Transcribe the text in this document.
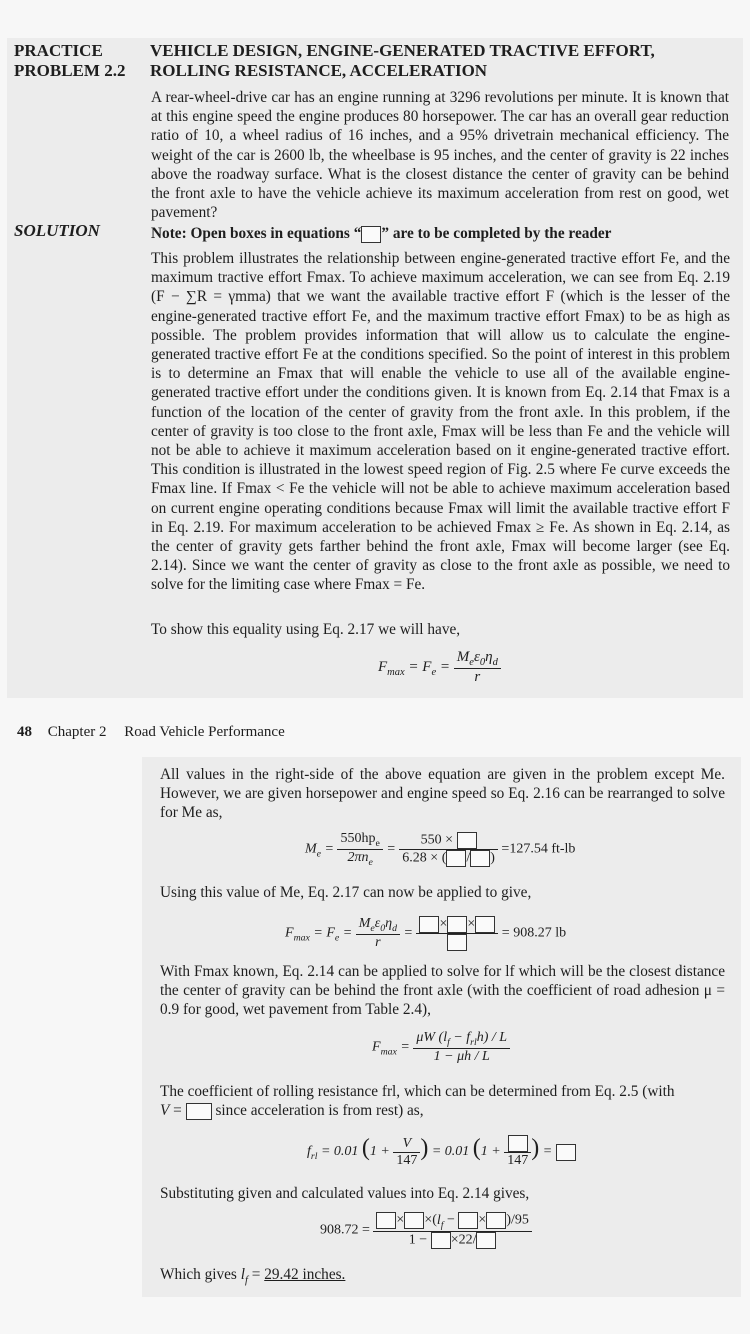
PRACTICE
PROBLEM 2.2
VEHICLE DESIGN, ENGINE-GENERATED TRACTIVE EFFORT,
ROLLING RESISTANCE, ACCELERATION

A rear-wheel-drive car has an engine running at 3296 revolutions per minute. It is known that at this engine speed the engine produces 80 horsepower. The car has an overall gear reduction ratio of 10, a wheel radius of 16 inches, and a 95% drivetrain mechanical efficiency. The weight of the car is 2600 lb, the wheelbase is 95 inches, and the center of gravity is 22 inches above the roadway surface. What is the closest distance the center of gravity can be behind the front axle to have the vehicle achieve its maximum acceleration from rest on good, wet pavement?

SOLUTION	Note: Open boxes in equations “ ” are to be completed by the reader

This problem illustrates the relationship between engine-generated tractive effort Fe, and the maximum tractive effort Fmax. To achieve maximum acceleration, we can see from Eq. 2.19 (F − ∑R = γmma) that we want the available tractive effort F (which is the lesser of the engine-generated tractive effort Fe, and the maximum tractive effort Fmax) to be as high as possible. The problem provides information that will allow us to calculate the engine-generated tractive effort Fe at the conditions specified. So the point of interest in this problem is to determine an Fmax that will enable the vehicle to use all of the available engine-generated tractive effort under the conditions given. It is known from Eq. 2.14 that Fmax is a function of the location of the center of gravity from the front axle. In this problem, if the center of gravity is too close to the front axle, Fmax will be less than Fe and the vehicle will not be able to achieve it maximum acceleration based on it engine-generated tractive effort. This condition is illustrated in the lowest speed region of Fig. 2.5 where Fe curve exceeds the Fmax line. If Fmax < Fe the vehicle will not be able to achieve maximum acceleration based on current engine operating conditions because Fmax will limit the available tractive effort F in Eq. 2.19. For maximum acceleration to be achieved Fmax ≥ Fe. As shown in Eq. 2.14, as the center of gravity gets farther behind the front axle, Fmax will become larger (see Eq. 2.14). Since we want the center of gravity as close to the front axle as possible, we need to solve for the limiting case where Fmax = Fe.

To show this equality using Eq. 2.17 we will have,

$F_{max} = F_e = \frac{M_e\varepsilon_0\eta_d}{r}$
48 Chapter 2 Road Vehicle Performance

All values in the right-side of the above equation are given in the problem except Me. However, we are given horsepower and engine speed so Eq. 2.16 can be rearranged to solve for Me as,

$M_e = \frac{550hp_e}{2\pi n_e} = \frac{550 \times}{6.28 \times ( / )} =127.54$ ft-lb

Using this value of Me, Eq. 2.17 can now be applied to give,

$F_{max} = F_e = \frac{M_e\varepsilon_0\eta_d}{r}$ =
× ×
= 908.27 lb

With Fmax known, Eq. 2.14 can be applied to solve for lf which will be the closest distance the center of gravity can be behind the front axle (with the coefficient of road adhesion μ = 0.9 for good, wet pavement from Table 2.4),

$F_{max} = \frac{\mu W (l_f - f_{rl}h) / L}{1 - \mu h / L}$
The coefficient of rolling resistance frl, which can be determined from Eq. 2.5 (with
V =  since acceleration is from rest) as,
$f_{rl} = 0.01$ ($1 + \frac{V}{147}$ ) = 0.01 (1 +
147 ) =

Substituting given and calculated values into Eq. 2.14 gives,

$908.72 = \frac{\times \times(l_f - \times )/95}{1 - \times 22/}$
Which gives $l_f = 29.42$ inches.
